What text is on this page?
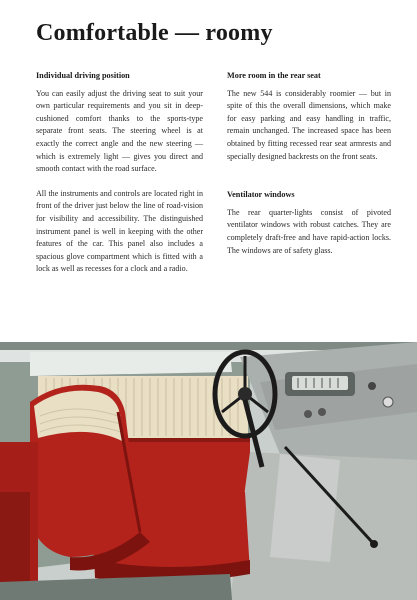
Comfortable — roomy

Individual driving position

You can easily adjust the driving seat to suit your own particular requirements and you sit in deep-cushioned comfort thanks to the sports-type separate front seats. The steering wheel is at exactly the correct angle and the new steering — which is extremely light — gives you direct and smooth contact with the road surface.

All the instruments and controls are located right in front of the driver just below the line of road-vision for visibility and accessibility. The distinguished instrument panel is well in keeping with the other features of the car. This panel also includes a spacious glove compartment which is fitted with a lock as well as recesses for a clock and a radio.

More room in the rear seat

The new 544 is considerably roomier — but in spite of this the overall dimensions, which make for easy parking and easy handling in traffic, remain unchanged. The increased space has been obtained by fitting recessed rear seat armrests and specially designed backrests on the front seats.

Ventilator windows

The rear quarter-lights consist of pivoted ventilator windows with robust catches. They are completely draft-free and have rapid-action locks. The windows are of safety glass.
